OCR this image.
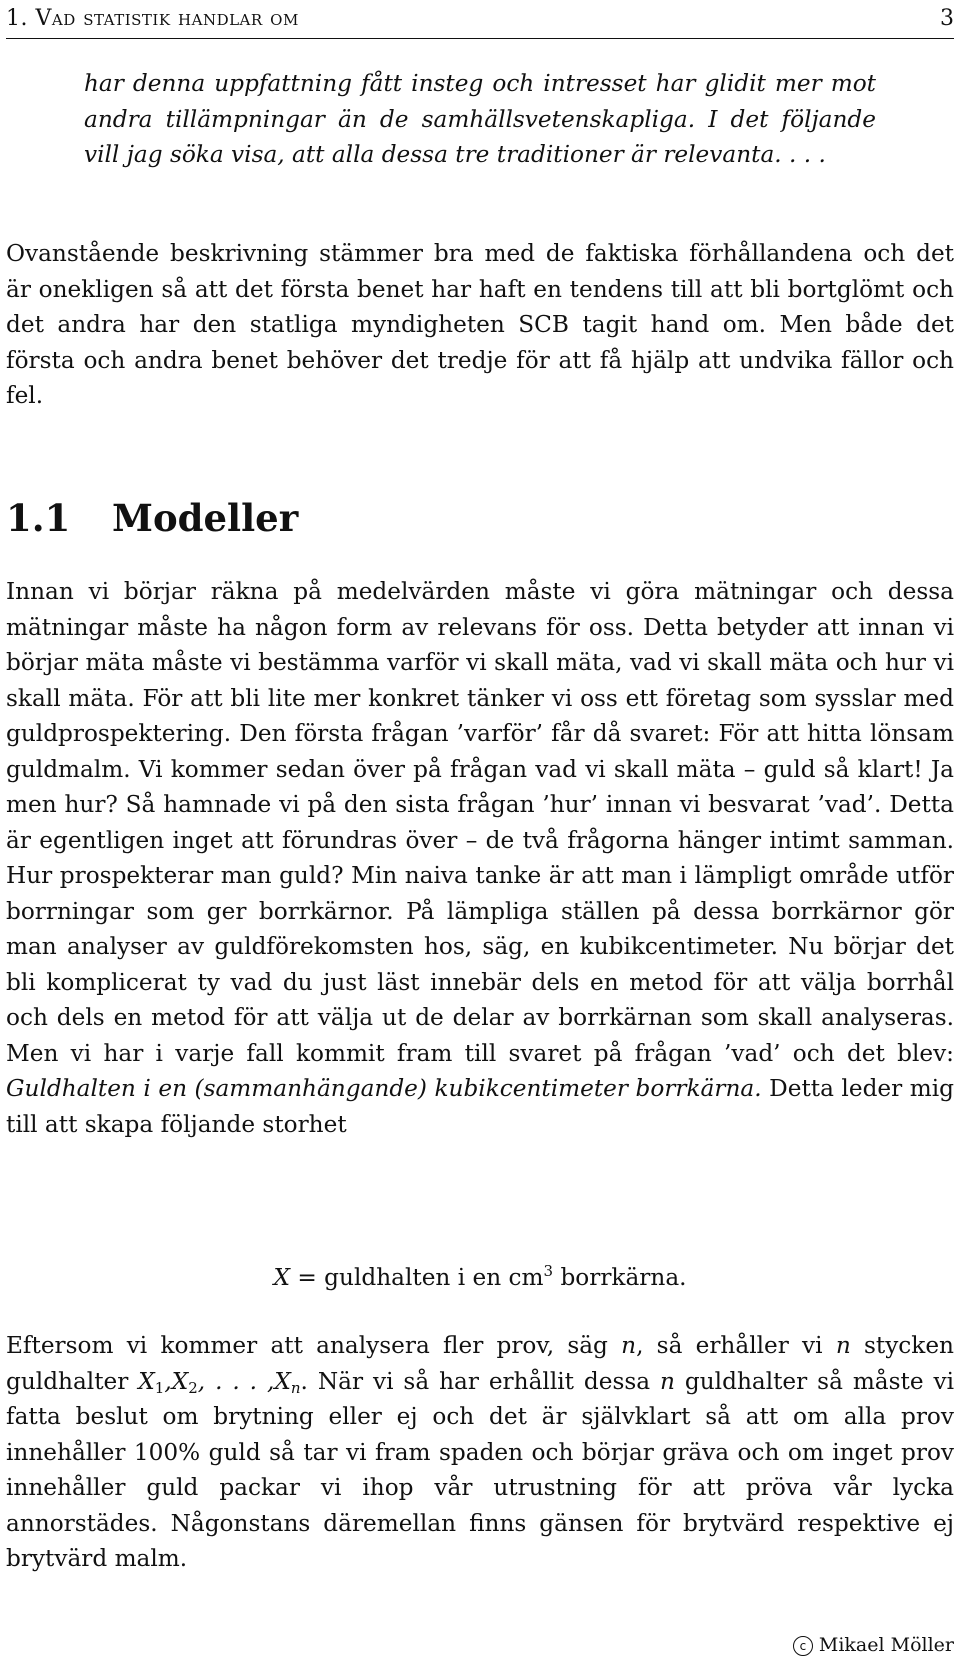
1. Vad statistik handlar om	3
har denna uppfattning fått insteg och intresset har glidit mer mot andra tillämpningar än de samhällsvetenskapliga. I det följande vill jag söka visa, att alla dessa tre traditioner är relevanta. . . .
Ovanstående beskrivning stämmer bra med de faktiska förhållandena och det är onekligen så att det första benet har haft en tendens till att bli bortglömt och det andra har den statliga myndigheten SCB tagit hand om. Men både det första och andra benet behöver det tredje för att få hjälp att undvika fällor och fel.
1.1 Modeller
Innan vi börjar räkna på medelvärden måste vi göra mätningar och dessa mätningar måste ha någon form av relevans för oss. Detta betyder att innan vi börjar mäta måste vi bestämma varför vi skall mäta, vad vi skall mäta och hur vi skall mäta. För att bli lite mer konkret tänker vi oss ett företag som sysslar med guldprospektering. Den första frågan ’varför’ får då svaret: För att hitta lönsam guldmalm. Vi kommer sedan över på frågan vad vi skall mäta – guld så klart! Ja men hur? Så hamnade vi på den sista frågan ’hur’ innan vi besvarat ’vad’. Detta är egentligen inget att förundras över – de två frågorna hänger intimt samman. Hur prospekterar man guld? Min naiva tanke är att man i lämpligt område utför borrningar som ger borrkärnor. På lämpliga ställen på dessa borrkärnor gör man analyser av guldförekomsten hos, säg, en kubikcentimeter. Nu börjar det bli komplicerat ty vad du just läst innebär dels en metod för att välja borrhål och dels en metod för att välja ut de delar av borrkärnan som skall analyseras. Men vi har i varje fall kommit fram till svaret på frågan ’vad’ och det blev: Guldhalten i en (sammanhängande) kubikcentimeter borrkärna. Detta leder mig till att skapa följande storhet
X = guldhalten i en $cm^3$ borrkärna.
Eftersom vi kommer att analysera fler prov, säg n, så erhåller vi n stycken guldhalter $X_1,X_2$, . . . $,X_n$. När vi så har erhållit dessa n guldhalter så måste vi fatta beslut om brytning eller ej och det är självklart så att om alla prov innehåller 100% guld så tar vi fram spaden och börjar gräva och om inget prov innehåller guld packar vi ihop vår utrustning för att pröva vår lycka annorstädes. Någonstans däremellan finns gänsen för brytvärd respektive ej brytvärd malm.
c Mikael Möller
